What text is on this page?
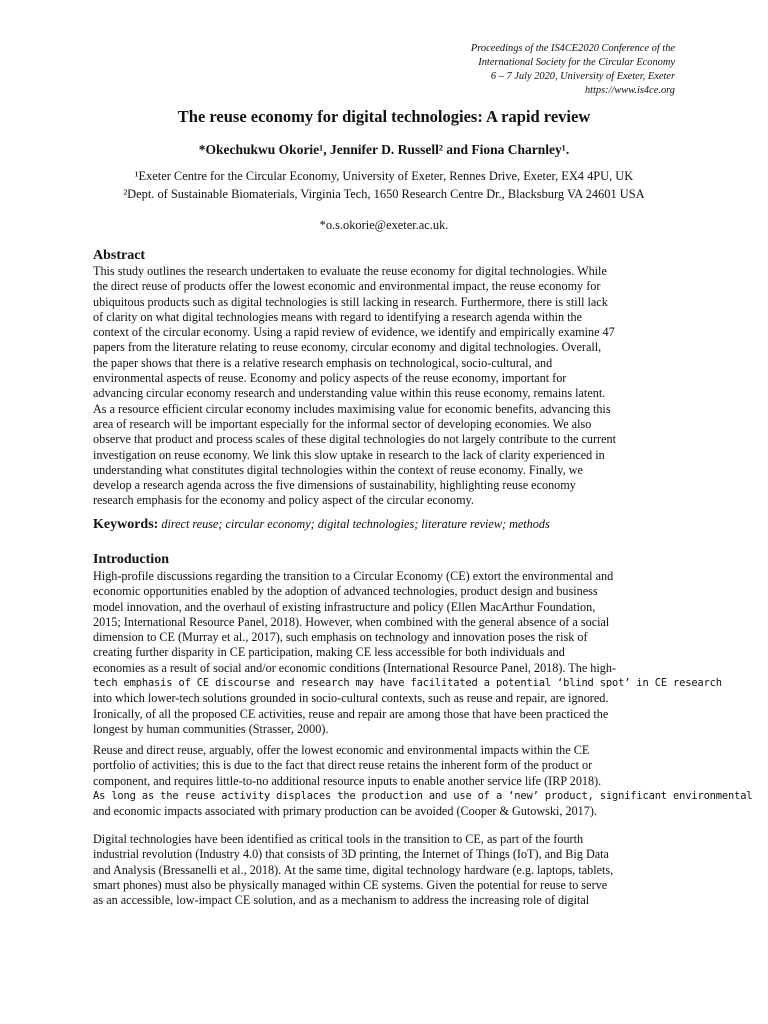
Proceedings of the IS4CE2020 Conference of the
International Society for the Circular Economy
6 – 7 July 2020, University of Exeter, Exeter
https://www.is4ce.org
The reuse economy for digital technologies: A rapid review
*Okechukwu Okorie¹, Jennifer D. Russell² and Fiona Charnley¹.
¹Exeter Centre for the Circular Economy, University of Exeter, Rennes Drive, Exeter, EX4 4PU, UK
²Dept. of Sustainable Biomaterials, Virginia Tech, 1650 Research Centre Dr., Blacksburg VA 24601 USA
*o.s.okorie@exeter.ac.uk.
Abstract
This study outlines the research undertaken to evaluate the reuse economy for digital technologies. While
the direct reuse of products offer the lowest economic and environmental impact, the reuse economy for
ubiquitous products such as digital technologies is still lacking in research. Furthermore, there is still lack
of clarity on what digital technologies means with regard to identifying a research agenda within the
context of the circular economy. Using a rapid review of evidence, we identify and empirically examine 47
papers from the literature relating to reuse economy, circular economy and digital technologies. Overall,
the paper shows that there is a relative research emphasis on technological, socio-cultural, and
environmental aspects of reuse. Economy and policy aspects of the reuse economy, important for
advancing circular economy research and understanding value within this reuse economy, remains latent.
As a resource efficient circular economy includes maximising value for economic benefits, advancing this
area of research will be important especially for the informal sector of developing economies. We also
observe that product and process scales of these digital technologies do not largely contribute to the current
investigation on reuse economy. We link this slow uptake in research to the lack of clarity experienced in
understanding what constitutes digital technologies within the context of reuse economy. Finally, we
develop a research agenda across the five dimensions of sustainability, highlighting reuse economy
research emphasis for the economy and policy aspect of the circular economy.
Keywords: direct reuse; circular economy; digital technologies; literature review; methods
Introduction
High-profile discussions regarding the transition to a Circular Economy (CE) extort the environmental and
economic opportunities enabled by the adoption of advanced technologies, product design and business
model innovation, and the overhaul of existing infrastructure and policy (Ellen MacArthur Foundation,
2015; International Resource Panel, 2018). However, when combined with the general absence of a social
dimension to CE (Murray et al., 2017), such emphasis on technology and innovation poses the risk of
creating further disparity in CE participation, making CE less accessible for both individuals and
economies as a result of social and/or economic conditions (International Resource Panel, 2018). The high-
tech emphasis of CE discourse and research may have facilitated a potential ‘blind spot’ in CE research
into which lower-tech solutions grounded in socio-cultural contexts, such as reuse and repair, are ignored.
Ironically, of all the proposed CE activities, reuse and repair are among those that have been practiced the
longest by human communities (Strasser, 2000).
Reuse and direct reuse, arguably, offer the lowest economic and environmental impacts within the CE
portfolio of activities; this is due to the fact that direct reuse retains the inherent form of the product or
component, and requires little-to-no additional resource inputs to enable another service life (IRP 2018).
As long as the reuse activity displaces the production and use of a ‘new’ product, significant environmental
and economic impacts associated with primary production can be avoided (Cooper & Gutowski, 2017).
Digital technologies have been identified as critical tools in the transition to CE, as part of the fourth
industrial revolution (Industry 4.0) that consists of 3D printing, the Internet of Things (IoT), and Big Data
and Analysis (Bressanelli et al., 2018). At the same time, digital technology hardware (e.g. laptops, tablets,
smart phones) must also be physically managed within CE systems. Given the potential for reuse to serve
as an accessible, low-impact CE solution, and as a mechanism to address the increasing role of digital
